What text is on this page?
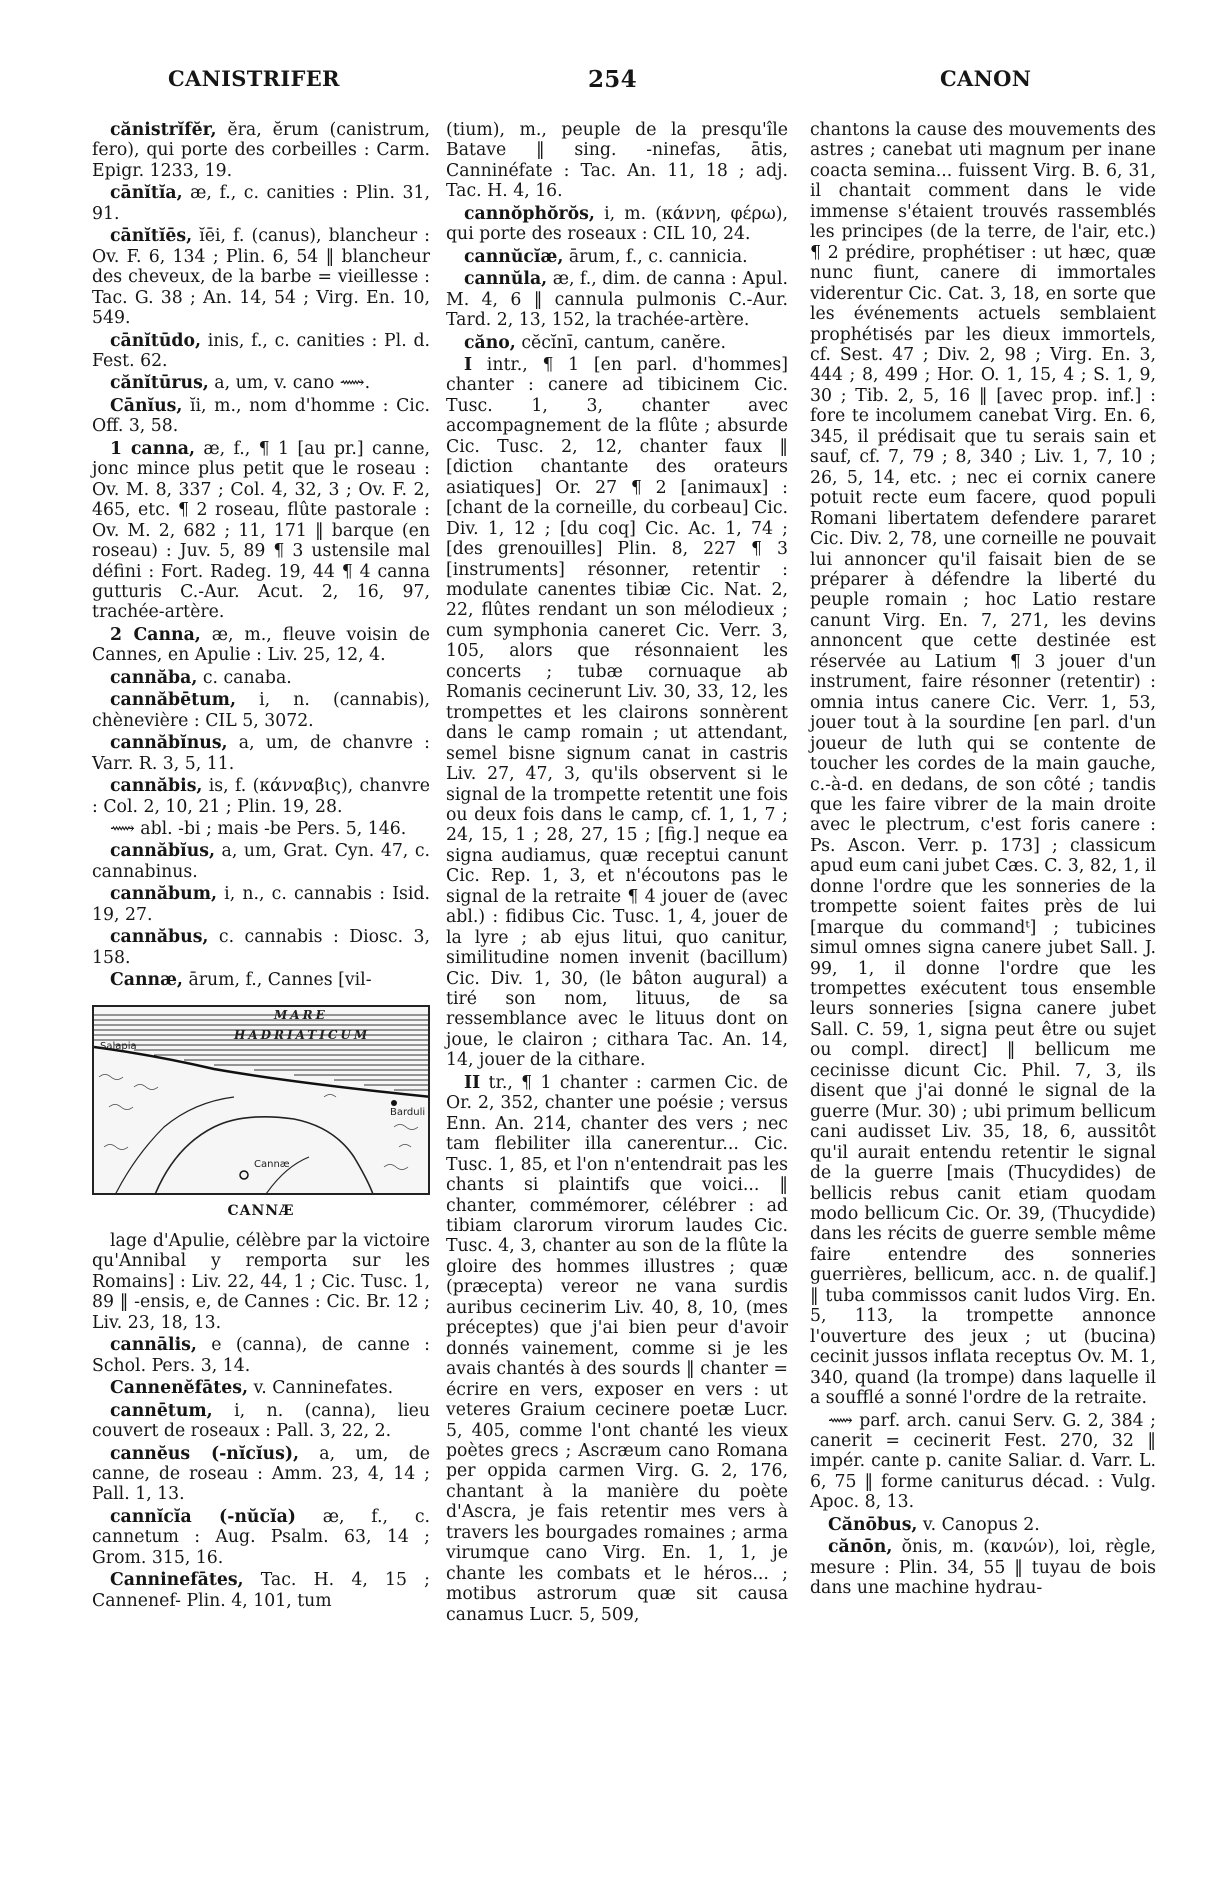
CANISTRIFER	254	CANON

cănistrĭfĕr, ĕra, ĕrum (canistrum, fero), qui porte des corbeilles : Carm. Epigr. 1233, 19.

cānĭtĭa, æ, f., c. canities : Plin. 31, 91.

cānĭtĭēs, ĭēi, f. (canus), blancheur : Ov. F. 6, 134 ; Plin. 6, 54 ‖ blancheur des cheveux, de la barbe = vieillesse : Tac. G. 38 ; An. 14, 54 ; Virg. En. 10, 549.

cānĭtūdo, inis, f., c. canities : Pl. d. Fest. 62.

cănĭtūrus, a, um, v. cano ⟿.

Cānĭus, ĭi, m., nom d'homme : Cic. Off. 3, 58.

1 canna, æ, f., ¶ 1 [au pr.] canne, jonc mince plus petit que le roseau : Ov. M. 8, 337 ; Col. 4, 32, 3 ; Ov. F. 2, 465, etc. ¶ 2 roseau, flûte pastorale : Ov. M. 2, 682 ; 11, 171 ‖ barque (en roseau) : Juv. 5, 89 ¶ 3 ustensile mal défini : Fort. Radeg. 19, 44 ¶ 4 canna gutturis C.-Aur. Acut. 2, 16, 97, trachée-artère.

2 Canna, æ, m., fleuve voisin de Cannes, en Apulie : Liv. 25, 12, 4.

cannăba, c. canaba.

cannăbētum, i, n. (cannabis), chènevière : CIL 5, 3072.

cannăbĭnus, a, um, de chanvre : Varr. R. 3, 5, 11.

cannăbis, is, f. (κάνναβις), chanvre : Col. 2, 10, 21 ; Plin. 19, 28.

⟿ abl. -bi ; mais -be Pers. 5, 146.

cannăbĭus, a, um, Grat. Cyn. 47, c. cannabinus.

cannăbum, i, n., c. cannabis : Isid. 19, 27.

cannăbus, c. cannabis : Diosc. 3, 158.

Cannæ, ārum, f., Cannes [vil-

MARE
HADRIATICUM
Cannæ
Barduli
Salapia
CANNÆ

lage d'Apulie, célèbre par la victoire qu'Annibal y remporta sur les Romains] : Liv. 22, 44, 1 ; Cic. Tusc. 1, 89 ‖ -ensis, e, de Cannes : Cic. Br. 12 ; Liv. 23, 18, 13.

cannālis, e (canna), de canne : Schol. Pers. 3, 14.

Cannenĕfātes, v. Canninefates.

cannētum, i, n. (canna), lieu couvert de roseaux : Pall. 3, 22, 2.

cannĕus (-nĭcĭus), a, um, de canne, de roseau : Amm. 23, 4, 14 ; Pall. 1, 13.

cannĭcĭa (-nŭcĭa) æ, f., c. cannetum : Aug. Psalm. 63, 14 ; Grom. 315, 16.

Canninefātes, Tac. H. 4, 15 ; Cannenef- Plin. 4, 101, tum

(tium), m., peuple de la presqu'île Batave ‖ sing. -ninefas, ātis, Canninéfate : Tac. An. 11, 18 ; adj. Tac. H. 4, 16.

cannŏphŏrŏs, i, m. (κάννη, φέρω), qui porte des roseaux : CIL 10, 24.

cannŭcĭæ, ārum, f., c. cannicia.

cannŭla, æ, f., dim. de canna : Apul. M. 4, 6 ‖ cannula pulmonis C.-Aur. Tard. 2, 13, 152, la trachée-artère.

căno, cĕcĭnī, cantum, canĕre.

I intr., ¶ 1 [en parl. d'hommes] chanter : canere ad tibicinem Cic. Tusc. 1, 3, chanter avec accompagnement de la flûte ; absurde Cic. Tusc. 2, 12, chanter faux ‖ [diction chantante des orateurs asiatiques] Or. 27 ¶ 2 [animaux] : [chant de la corneille, du corbeau] Cic. Div. 1, 12 ; [du coq] Cic. Ac. 1, 74 ; [des grenouilles] Plin. 8, 227 ¶ 3 [instruments] résonner, retentir : modulate canentes tibiæ Cic. Nat. 2, 22, flûtes rendant un son mélodieux ; cum symphonia caneret Cic. Verr. 3, 105, alors que résonnaient les concerts ; tubæ cornuaque ab Romanis cecinerunt Liv. 30, 33, 12, les trompettes et les clairons sonnèrent dans le camp romain ; ut attendant, semel bisne signum canat in castris Liv. 27, 47, 3, qu'ils observent si le signal de la trompette retentit une fois ou deux fois dans le camp, cf. 1, 1, 7 ; 24, 15, 1 ; 28, 27, 15 ; [fig.] neque ea signa audiamus, quæ receptui canunt Cic. Rep. 1, 3, et n'écoutons pas le signal de la retraite ¶ 4 jouer de (avec abl.) : fidibus Cic. Tusc. 1, 4, jouer de la lyre ; ab ejus litui, quo canitur, similitudine nomen invenit (bacillum) Cic. Div. 1, 30, (le bâton augural) a tiré son nom, lituus, de sa ressemblance avec le lituus dont on joue, le clairon ; cithara Tac. An. 14, 14, jouer de la cithare.

II tr., ¶ 1 chanter : carmen Cic. de Or. 2, 352, chanter une poésie ; versus Enn. An. 214, chanter des vers ; nec tam flebiliter illa canerentur... Cic. Tusc. 1, 85, et l'on n'entendrait pas les chants si plaintifs que voici... ‖ chanter, commémorer, célébrer : ad tibiam clarorum virorum laudes Cic. Tusc. 4, 3, chanter au son de la flûte la gloire des hommes illustres ; quæ (præcepta) vereor ne vana surdis auribus cecinerim Liv. 40, 8, 10, (mes préceptes) que j'ai bien peur d'avoir donnés vainement, comme si je les avais chantés à des sourds ‖ chanter = écrire en vers, exposer en vers : ut veteres Graium cecinere poetæ Lucr. 5, 405, comme l'ont chanté les vieux poètes grecs ; Ascræum cano Romana per oppida carmen Virg. G. 2, 176, chantant à la manière du poète d'Ascra, je fais retentir mes vers à travers les bourgades romaines ; arma virumque cano Virg. En. 1, 1, je chante les combats et le héros... ; motibus astrorum quæ sit causa canamus Lucr. 5, 509,

chantons la cause des mouvements des astres ; canebat uti magnum per inane coacta semina... fuissent Virg. B. 6, 31, il chantait comment dans le vide immense s'étaient trouvés rassemblés les principes (de la terre, de l'air, etc.) ¶ 2 prédire, prophétiser : ut hæc, quæ nunc fiunt, canere di immortales viderentur Cic. Cat. 3, 18, en sorte que les événements actuels semblaient prophétisés par les dieux immortels, cf. Sest. 47 ; Div. 2, 98 ; Virg. En. 3, 444 ; 8, 499 ; Hor. O. 1, 15, 4 ; S. 1, 9, 30 ; Tib. 2, 5, 16 ‖ [avec prop. inf.] : fore te incolumem canebat Virg. En. 6, 345, il prédisait que tu serais sain et sauf, cf. 7, 79 ; 8, 340 ; Liv. 1, 7, 10 ; 26, 5, 14, etc. ; nec ei cornix canere potuit recte eum facere, quod populi Romani libertatem defendere pararet Cic. Div. 2, 78, une corneille ne pouvait lui annoncer qu'il faisait bien de se préparer à défendre la liberté du peuple romain ; hoc Latio restare canunt Virg. En. 7, 271, les devins annoncent que cette destinée est réservée au Latium ¶ 3 jouer d'un instrument, faire résonner (retentir) : omnia intus canere Cic. Verr. 1, 53, jouer tout à la sourdine [en parl. d'un joueur de luth qui se contente de toucher les cordes de la main gauche, c.-à-d. en dedans, de son côté ; tandis que les faire vibrer de la main droite avec le plectrum, c'est foris canere : Ps. Ascon. Verr. p. 173] ; classicum apud eum cani jubet Cæs. C. 3, 82, 1, il donne l'ordre que les sonneries de la trompette soient faites près de lui [marque du commandᵗ] ; tubicines simul omnes signa canere jubet Sall. J. 99, 1, il donne l'ordre que les trompettes exécutent tous ensemble leurs sonneries [signa canere jubet Sall. C. 59, 1, signa peut être ou sujet ou compl. direct] ‖ bellicum me cecinisse dicunt Cic. Phil. 7, 3, ils disent que j'ai donné le signal de la guerre (Mur. 30) ; ubi primum bellicum cani audisset Liv. 35, 18, 6, aussitôt qu'il aurait entendu retentir le signal de la guerre [mais (Thucydides) de bellicis rebus canit etiam quodam modo bellicum Cic. Or. 39, (Thucydide) dans les récits de guerre semble même faire entendre des sonneries guerrières, bellicum, acc. n. de qualif.] ‖ tuba commissos canit ludos Virg. En. 5, 113, la trompette annonce l'ouverture des jeux ; ut (bucina) cecinit jussos inflata receptus Ov. M. 1, 340, quand (la trompe) dans laquelle il a soufflé a sonné l'ordre de la retraite.

⟿ parf. arch. canui Serv. G. 2, 384 ; canerit = cecinerit Fest. 270, 32 ‖ impér. cante p. canite Saliar. d. Varr. L. 6, 75 ‖ forme caniturus décad. : Vulg. Apoc. 8, 13.

Cănōbus, v. Canopus 2.

cănōn, ŏnis, m. (κανών), loi, règle, mesure : Plin. 34, 55 ‖ tuyau de bois dans une machine hydrau-
